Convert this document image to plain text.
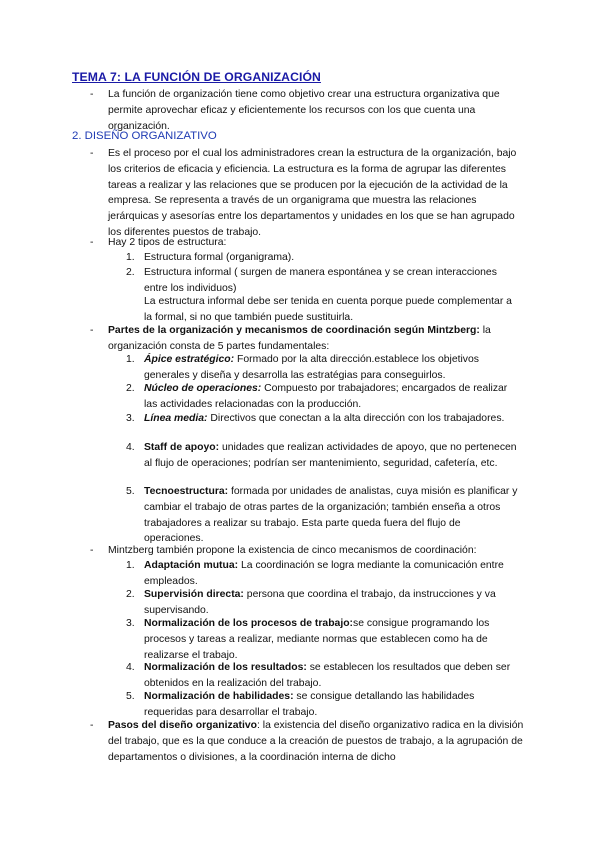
TEMA 7: LA FUNCIÓN DE ORGANIZACIÓN
- La función de organización tiene como objetivo crear una estructura organizativa que permite aprovechar eficaz y eficientemente los recursos con los que cuenta una organización.

2. DISEÑO ORGANIZATIVO
- Es el proceso por el cual los administradores crean la estructura de la organización, bajo los criterios de eficacia y eficiencia. La estructura es la forma de agrupar las diferentes tareas a realizar y las relaciones que se producen por la ejecución de la actividad de la empresa. Se representa a través de un organigrama que muestra las relaciones jerárquicas y asesorías entre los departamentos y unidades en los que se han agrupado los diferentes puestos de trabajo.

- Hay 2 tipos de estructura:

1. Estructura formal (organigrama).

2. Estructura informal ( surgen de manera espontánea y se crean interacciones entre los individuos)

La estructura informal debe ser tenida en cuenta porque puede complementar a la formal, si no que también puede sustituirla.

- Partes de la organización y mecanismos de coordinación según Mintzberg: la organización consta de 5 partes fundamentales:

1. Ápice estratégico: Formado por la alta dirección.establece los objetivos generales y diseña y desarrolla las estratégias para conseguirlos.

2. Núcleo de operaciones: Compuesto por trabajadores; encargados de realizar las actividades relacionadas con la producción.

3. Línea media: Directivos que conectan a la alta dirección con los trabajadores.

4. Staff de apoyo: unidades que realizan actividades de apoyo, que no pertenecen al flujo de operaciones; podrían ser mantenimiento, seguridad, cafetería, etc.

5. Tecnoestructura: formada por unidades de analistas, cuya misión es planificar y cambiar el trabajo de otras partes de la organización; también enseña a otros trabajadores a realizar su trabajo. Esta parte queda fuera del flujo de operaciones.

- Mintzberg también propone la existencia de cinco mecanismos de coordinación:

1. Adaptación mutua: La coordinación se logra mediante la comunicación entre empleados.

2. Supervisión directa: persona que coordina el trabajo, da instrucciones y va supervisando.

3. Normalización de los procesos de trabajo:se consigue programando los procesos y tareas a realizar, mediante normas que establecen como ha de realizarse el trabajo.

4. Normalización de los resultados: se establecen los resultados que deben ser obtenidos en la realización del trabajo.

5. Normalización de habilidades: se consigue detallando las habilidades requeridas para desarrollar el trabajo.

- Pasos del diseño organizativo: la existencia del diseño organizativo radica en la división del trabajo, que es la que conduce a la creación de puestos de trabajo, a la agrupación de departamentos o divisiones, a la coordinación interna de dicho
